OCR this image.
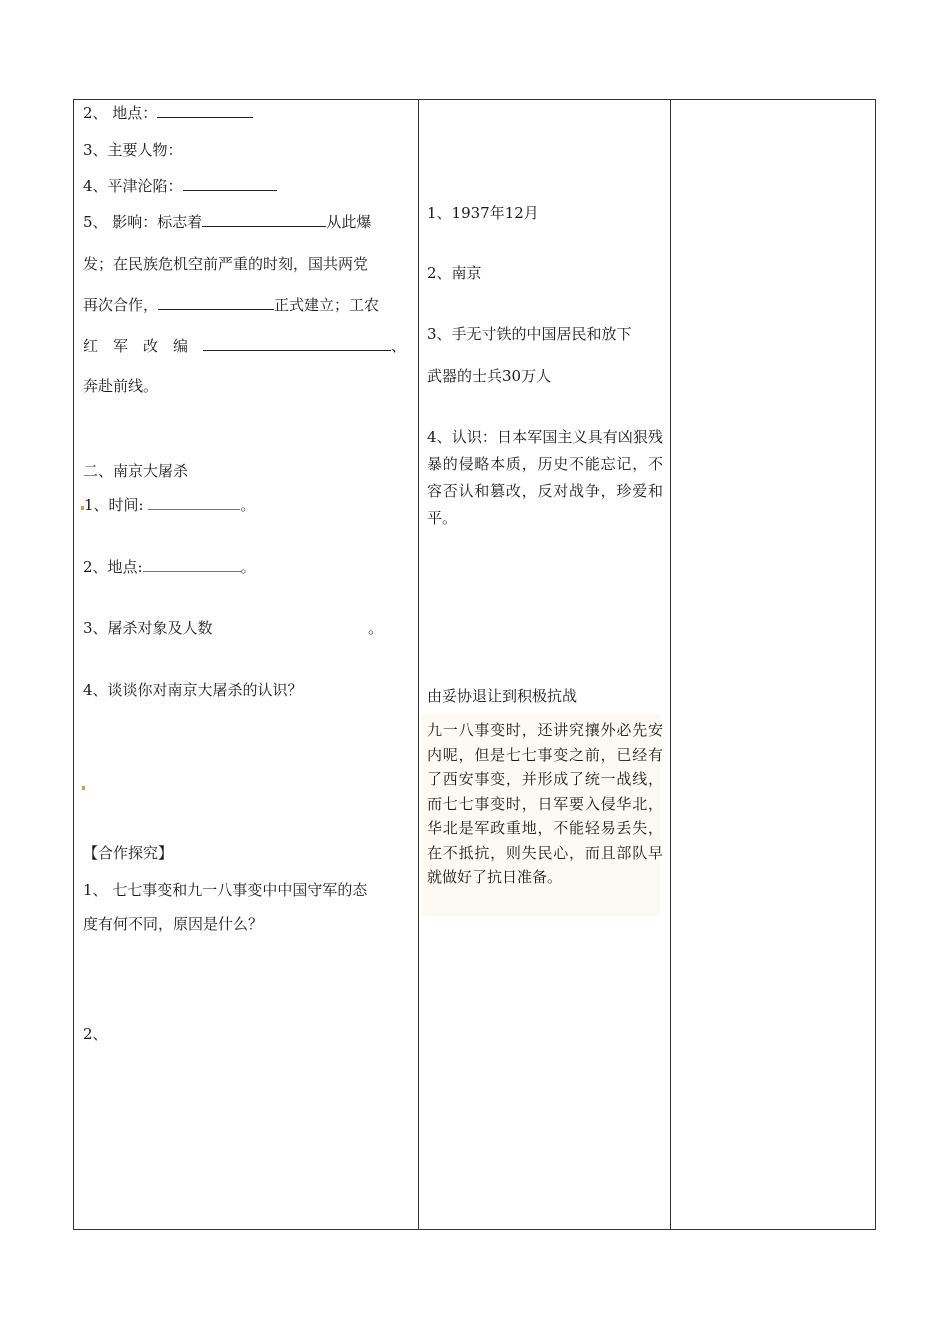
2、 地点：
3、主要人物：
4、平津沦陷：
5、 影响：标志着	从此爆
发；在民族危机空前严重的时刻，国共两党
再次合作，	正式建立；工农
红 军 改 编	、
奔赴前线。
二、南京大屠杀
1、时间:	。
2、地点:	。
3、屠杀对象及人数	。
4、谈谈你对南京大屠杀的认识？
【合作探究】
1、 七七事变和九一八事变中中国守军的态
度有何不同，原因是什么？
2、
1、1937年12月
2、南京
3、手无寸铁的中国居民和放下
武器的士兵30万人
4、认识：日本军国主义具有凶狠残暴的侵略本质，历史不能忘记，不容否认和篡改，反对战争，珍爱和平。
由妥协退让到积极抗战
九一八事变时，还讲究攘外必先安内呢，但是七七事变之前，已经有了西安事变，并形成了统一战线，而七七事变时，日军要入侵华北，华北是军政重地，不能轻易丢失，在不抵抗，则失民心，而且部队早就做好了抗日准备。
